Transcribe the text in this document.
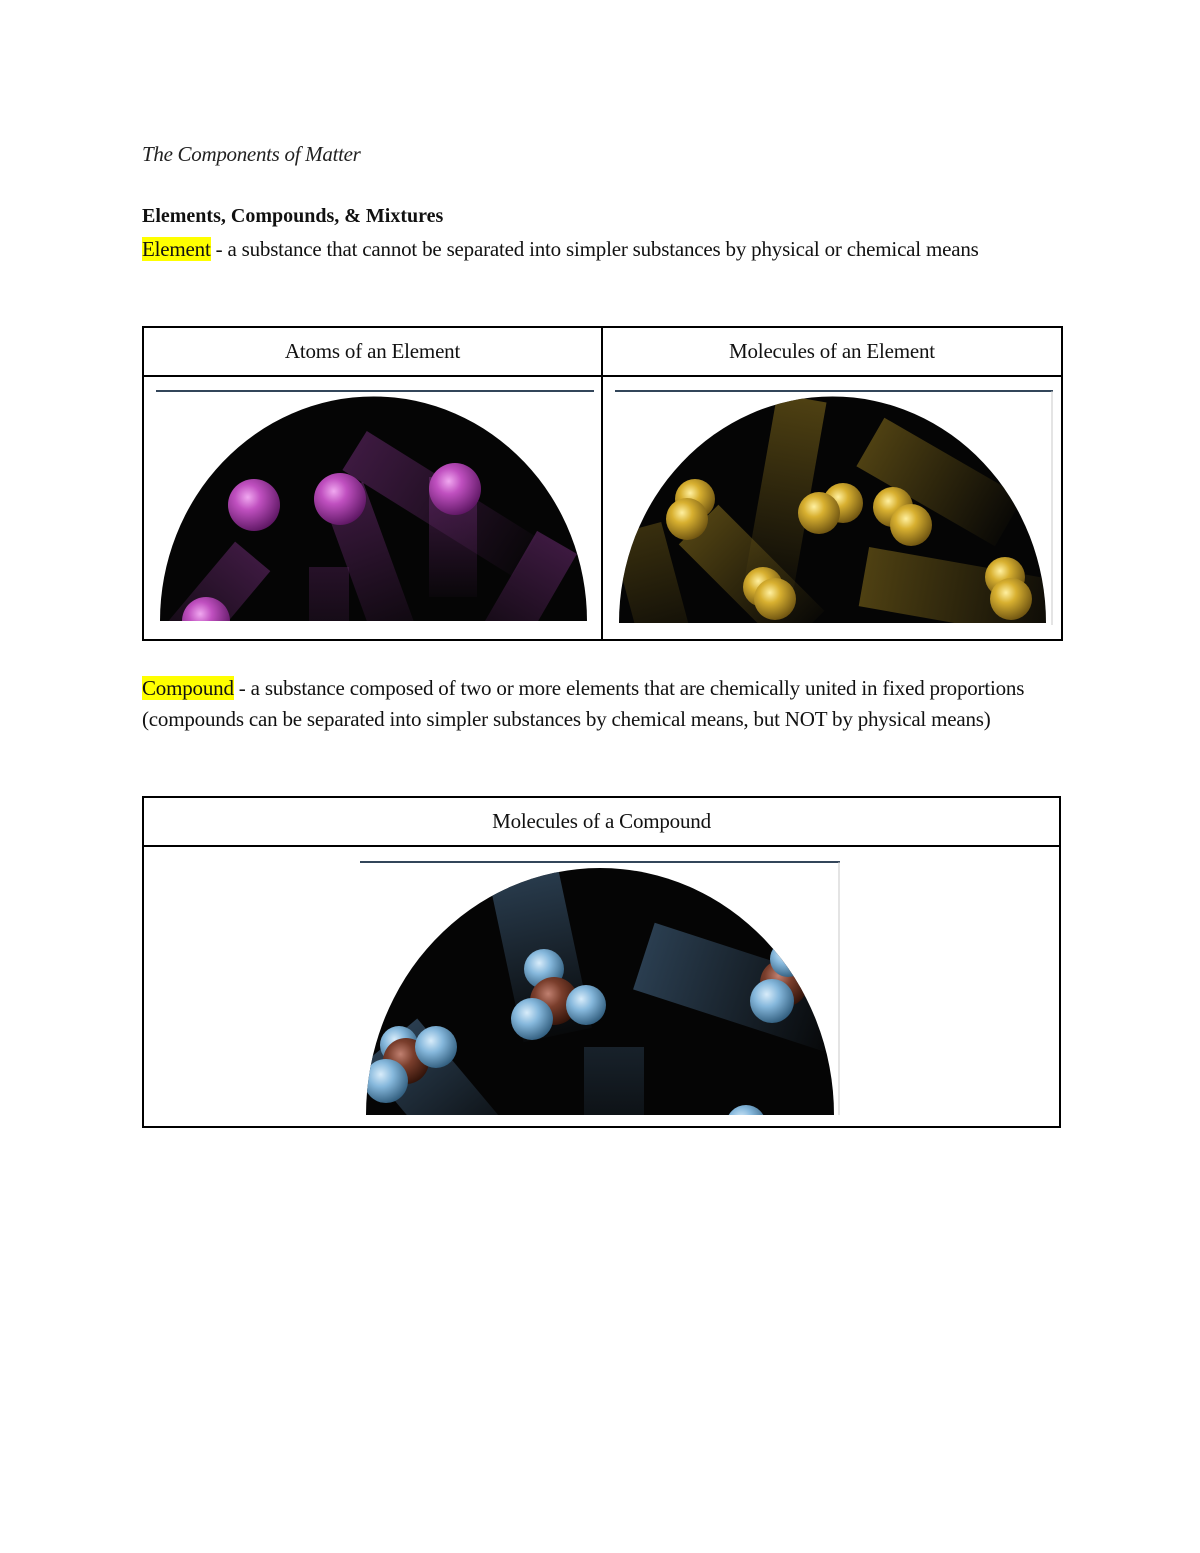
The Components of Matter
Elements, Compounds, & Mixtures
Element - a substance that cannot be separated into simpler substances by physical or chemical means
Atoms of an Element	Molecules of an Element

Compound - a substance composed of two or more elements that are chemically united in fixed proportions (compounds can be separated into simpler substances by chemical means, but NOT by physical means)
Molecules of a Compound
